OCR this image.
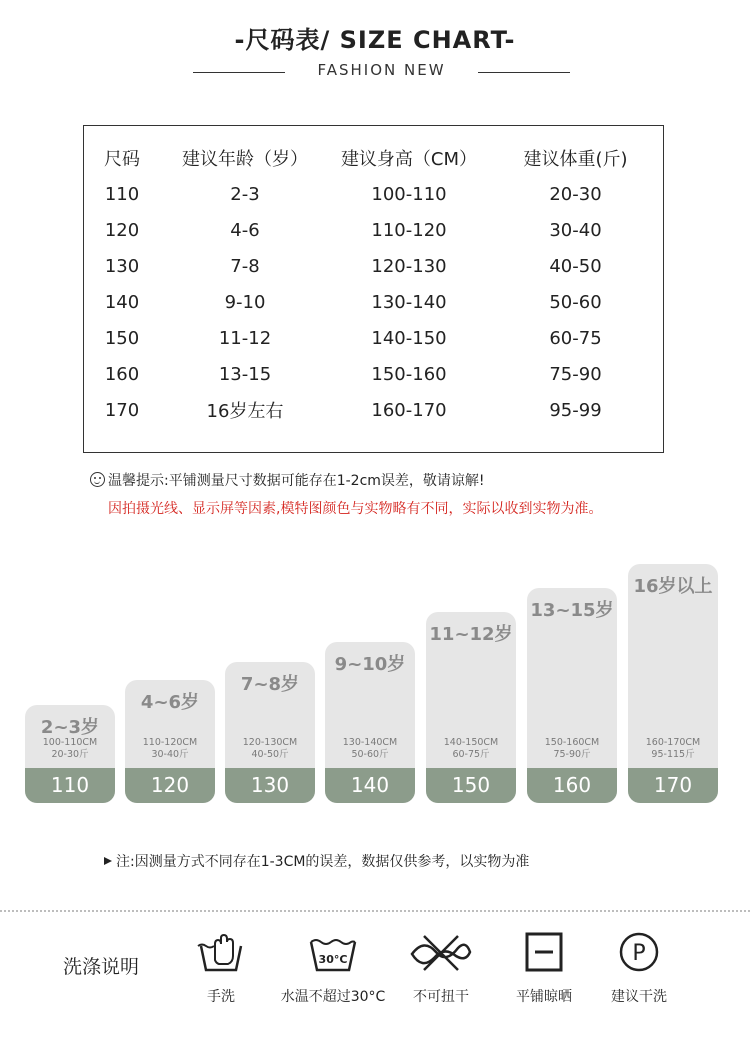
-尺码表/ SIZE CHART-
FASHION NEW
尺码	建议年龄（岁）	建议身高（CM）	建议体重(斤)
110	2-3	100-110	20-30
120	4-6	110-120	30-40
130	7-8	120-130	40-50
140	9-10	130-140	50-60
150	11-12	140-150	60-75
160	13-15	150-160	75-90
170	16岁左右	160-170	95-99
温馨提示:平铺测量尺寸数据可能存在1-2cm误差，敬请谅解!
因拍摄光线、显示屏等因素,模特图颜色与实物略有不同，实际以收到实物为准。
2~3岁
100-110CM
20-30斤
110
4~6岁
110-120CM
30-40斤
120
7~8岁
120-130CM
40-50斤
130
9~10岁
130-140CM
50-60斤
140
11~12岁
140-150CM
60-75斤
150
13~15岁
150-160CM
75-90斤
160
16岁以上
160-170CM
95-115斤
170
注:因测量方式不同存在1-3CM的误差，数据仅供参考，以实物为准
洗涤说明
手洗
30°C
水温不超过30°C	不可扭干	平铺晾晒
P
建议干洗
